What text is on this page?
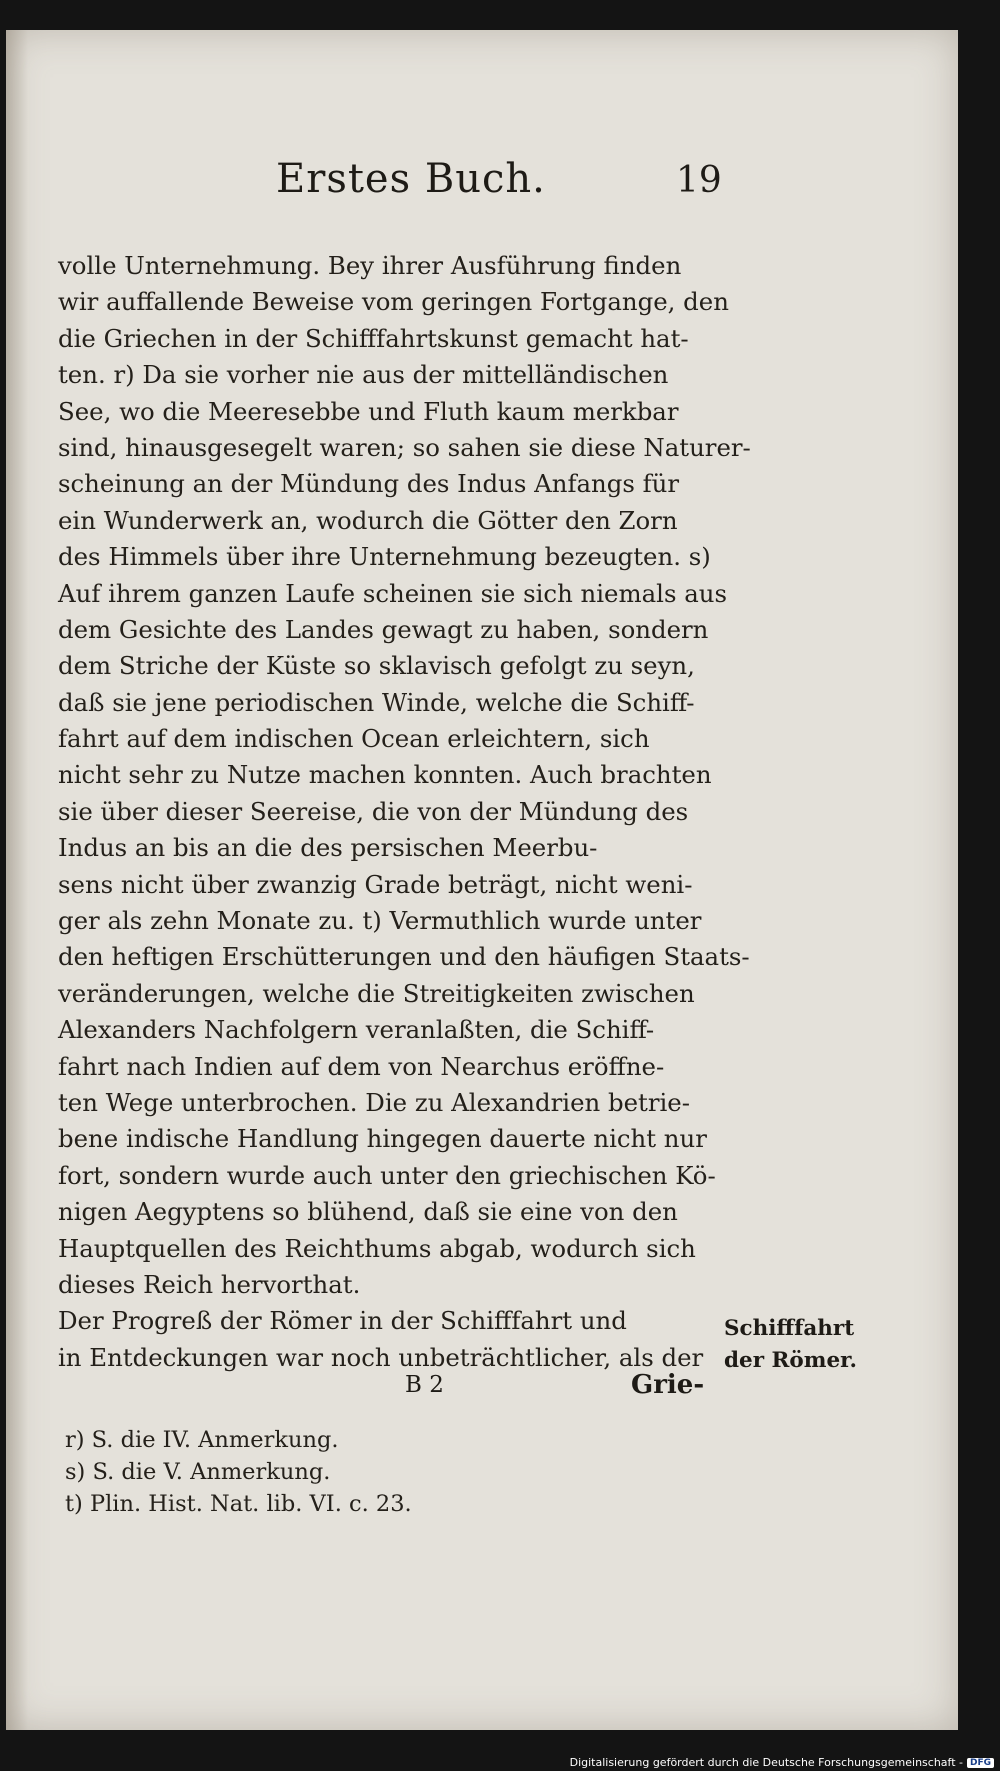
Erstes Buch.	19
volle Unternehmung. Bey ihrer Ausführung finden
wir auffallende Beweise vom geringen Fortgange, den
die Griechen in der Schifffahrtskunst gemacht hat-
ten. r) Da sie vorher nie aus der mittelländischen
See, wo die Meeresebbe und Fluth kaum merkbar
sind, hinausgesegelt waren; so sahen sie diese Naturer-
scheinung an der Mündung des Indus Anfangs für
ein Wunderwerk an, wodurch die Götter den Zorn
des Himmels über ihre Unternehmung bezeugten. s)
Auf ihrem ganzen Laufe scheinen sie sich niemals aus
dem Gesichte des Landes gewagt zu haben, sondern
dem Striche der Küste so sklavisch gefolgt zu seyn,
daß sie jene periodischen Winde, welche die Schiff-
fahrt auf dem indischen Ocean erleichtern, sich
nicht sehr zu Nutze machen konnten. Auch brachten
sie über dieser Seereise, die von der Mündung des
Indus an bis an die des persischen Meerbu-
sens nicht über zwanzig Grade beträgt, nicht weni-
ger als zehn Monate zu. t) Vermuthlich wurde unter
den heftigen Erschütterungen und den häufigen Staats-
veränderungen, welche die Streitigkeiten zwischen
Alexanders Nachfolgern veranlaßten, die Schiff-
fahrt nach Indien auf dem von Nearchus eröffne-
ten Wege unterbrochen. Die zu Alexandrien betrie-
bene indische Handlung hingegen dauerte nicht nur
fort, sondern wurde auch unter den griechischen Kö-
nigen Aegyptens so blühend, daß sie eine von den
Hauptquellen des Reichthums abgab, wodurch sich
dieses Reich hervorthat.
Der Progreß der Römer in der Schifffahrt und
in Entdeckungen war noch unbeträchtlicher, als der
Schifffahrt
der Römer.
B 2	Grie-
r) S. die IV. Anmerkung.
s) S. die V. Anmerkung.
t) Plin. Hist. Nat. lib. VI. c. 23.
Digitalisierung gefördert durch die Deutsche Forschungsgemeinschaft - DFG
